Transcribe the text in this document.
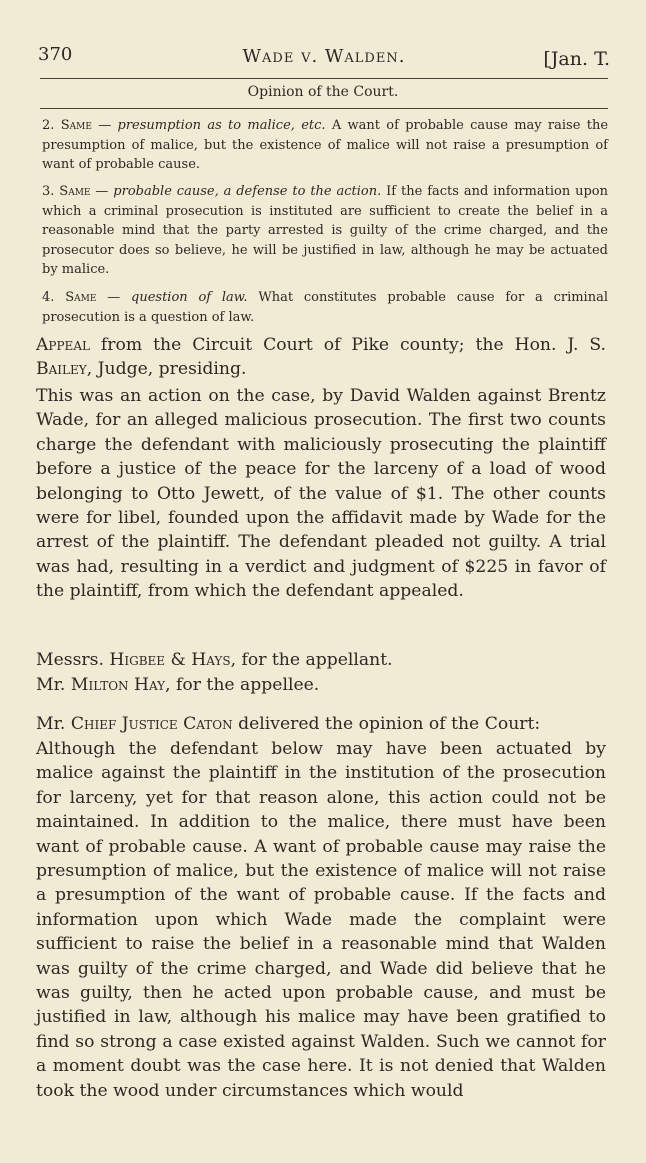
370	Wade v. Walden.	[Jan. T.
Opinion of the Court.

2. Same — presumption as to malice, etc. A want of probable cause may raise the presumption of malice, but the existence of malice will not raise a presumption of want of probable cause.

3. Same — probable cause, a defense to the action. If the facts and information upon which a criminal prosecution is instituted are sufficient to create the belief in a reasonable mind that the party arrested is guilty of the crime charged, and the prosecutor does so believe, he will be justified in law, although he may be actuated by malice.

4. Same — question of law. What constitutes probable cause for a criminal prosecution is a question of law.

Appeal from the Circuit Court of Pike county; the Hon. J. S. Bailey, Judge, presiding.

This was an action on the case, by David Walden against Brentz Wade, for an alleged malicious prosecution. The first two counts charge the defendant with maliciously prosecuting the plaintiff before a justice of the peace for the larceny of a load of wood belonging to Otto Jewett, of the value of $1. The other counts were for libel, founded upon the affidavit made by Wade for the arrest of the plaintiff. The defendant pleaded not guilty. A trial was had, resulting in a verdict and judgment of $225 in favor of the plaintiff, from which the defendant appealed.

Messrs. Higbee & Hays, for the appellant.

Mr. Milton Hay, for the appellee.

Mr. Chief Justice Caton delivered the opinion of the Court:

Although the defendant below may have been actuated by malice against the plaintiff in the institution of the prosecution for larceny, yet for that reason alone, this action could not be maintained. In addition to the malice, there must have been want of probable cause. A want of probable cause may raise the presumption of malice, but the existence of malice will not raise a presumption of the want of probable cause. If the facts and information upon which Wade made the complaint were sufficient to raise the belief in a reasonable mind that Walden was guilty of the crime charged, and Wade did believe that he was guilty, then he acted upon probable cause, and must be justified in law, although his malice may have been gratified to find so strong a case existed against Walden. Such we cannot for a moment doubt was the case here. It is not denied that Walden took the wood under circumstances which would
